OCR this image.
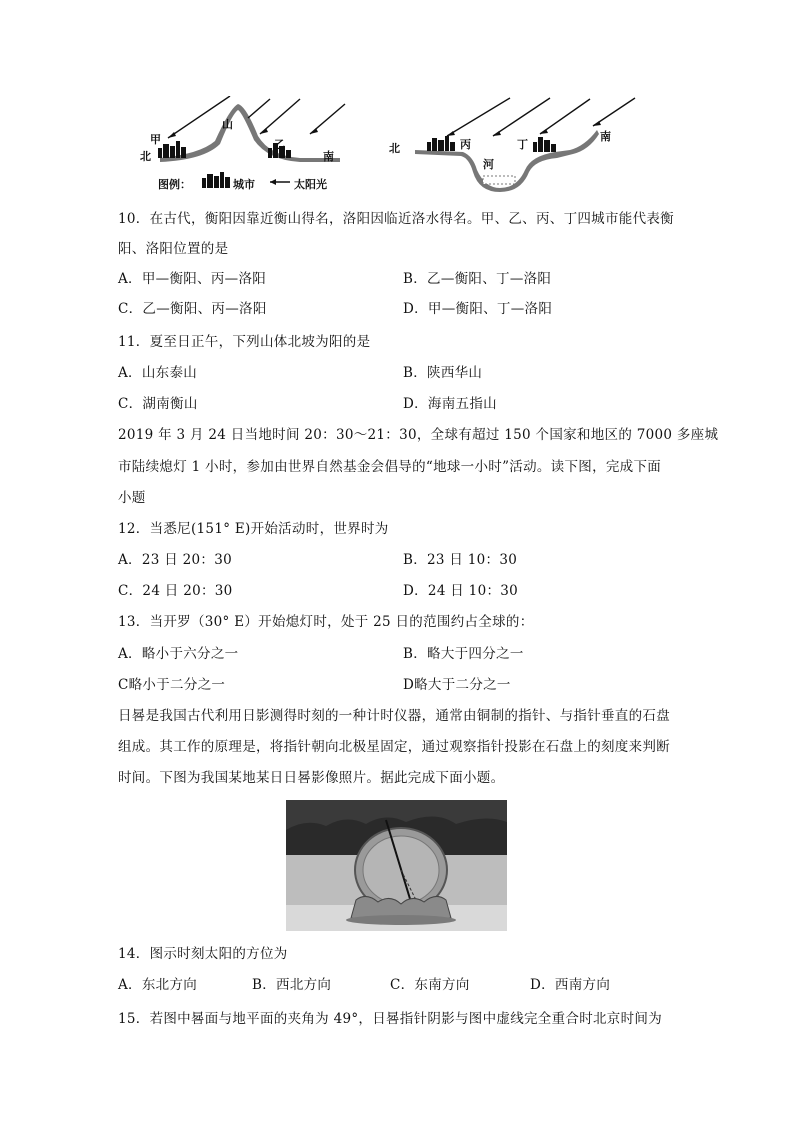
山
甲
北
乙
南
图例：	城市	太阳光
北	丙
河
丁
南
10．在古代，衡阳因靠近衡山得名，洛阳因临近洛水得名。甲、乙、丙、丁四城市能代表衡
阳、洛阳位置的是
A．甲—衡阳、丙—洛阳	B．乙—衡阳、丁—洛阳
C．乙—衡阳、丙—洛阳	D．甲—衡阳、丁—洛阳
11．夏至日正午，下列山体北坡为阳的是
A．山东泰山	B．陕西华山
C．湖南衡山	D．海南五指山
2019 年 3 月 24 日当地时间 20：30～21：30，全球有超过 150 个国家和地区的 7000 多座城
市陆续熄灯 1 小时，参加由世界自然基金会倡导的“地球一小时”活动。读下图，完成下面
小题
12．当悉尼(151° E)开始活动时，世界时为
A．23 日 20：30	B．23 日 10：30
C．24 日 20：30	D．24 日 10：30
13．当开罗（30° E）开始熄灯时，处于 25 日的范围约占全球的：
A．略小于六分之一	B．略大于四分之一
C略小于二分之一	D略大于二分之一
日晷是我国古代利用日影测得时刻的一种计时仪器，通常由铜制的指针、与指针垂直的石盘
组成。其工作的原理是，将指针朝向北极星固定，通过观察指针投影在石盘上的刻度来判断
时间。下图为我国某地某日日晷影像照片。据此完成下面小题。
14．图示时刻太阳的方位为
A．东北方向	B．西北方向	C．东南方向	D．西南方向
15．若图中晷面与地平面的夹角为 49°，日晷指针阴影与图中虚线完全重合时北京时间为
